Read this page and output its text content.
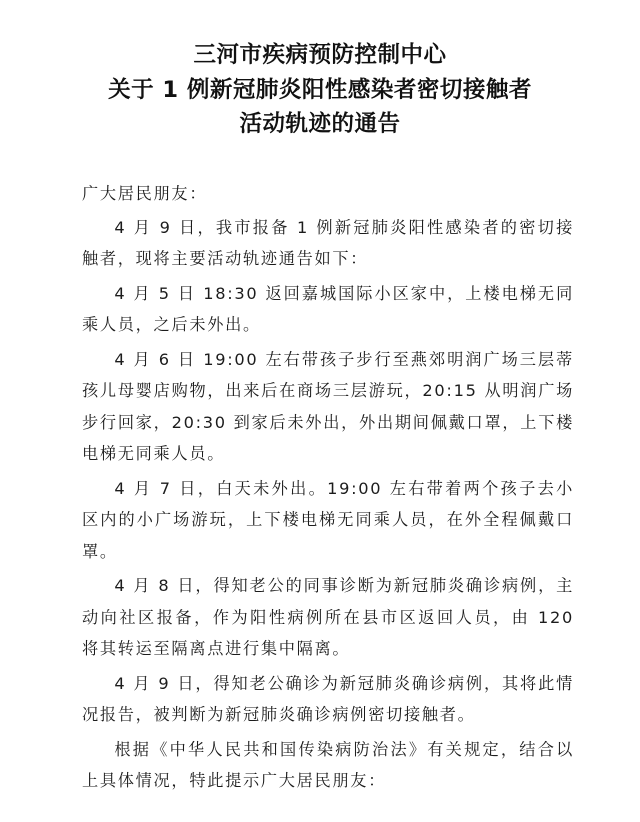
三河市疾病预防控制中心
关于 1 例新冠肺炎阳性感染者密切接触者
活动轨迹的通告
广大居民朋友：

4 月 9 日，我市报备 1 例新冠肺炎阳性感染者的密切接触者，现将主要活动轨迹通告如下：

4 月 5 日 18:30 返回嘉城国际小区家中，上楼电梯无同乘人员，之后未外出。

4 月 6 日 19:00 左右带孩子步行至燕郊明润广场三层蒂孩儿母婴店购物，出来后在商场三层游玩，20:15 从明润广场步行回家，20:30 到家后未外出，外出期间佩戴口罩，上下楼电梯无同乘人员。

4 月 7 日，白天未外出。19:00 左右带着两个孩子去小区内的小广场游玩，上下楼电梯无同乘人员，在外全程佩戴口罩。

4 月 8 日，得知老公的同事诊断为新冠肺炎确诊病例，主动向社区报备，作为阳性病例所在县市区返回人员，由 120 将其转运至隔离点进行集中隔离。

4 月 9 日，得知老公确诊为新冠肺炎确诊病例，其将此情况报告，被判断为新冠肺炎确诊病例密切接触者。

根据《中华人民共和国传染病防治法》有关规定，结合以上具体情况，特此提示广大居民朋友：
